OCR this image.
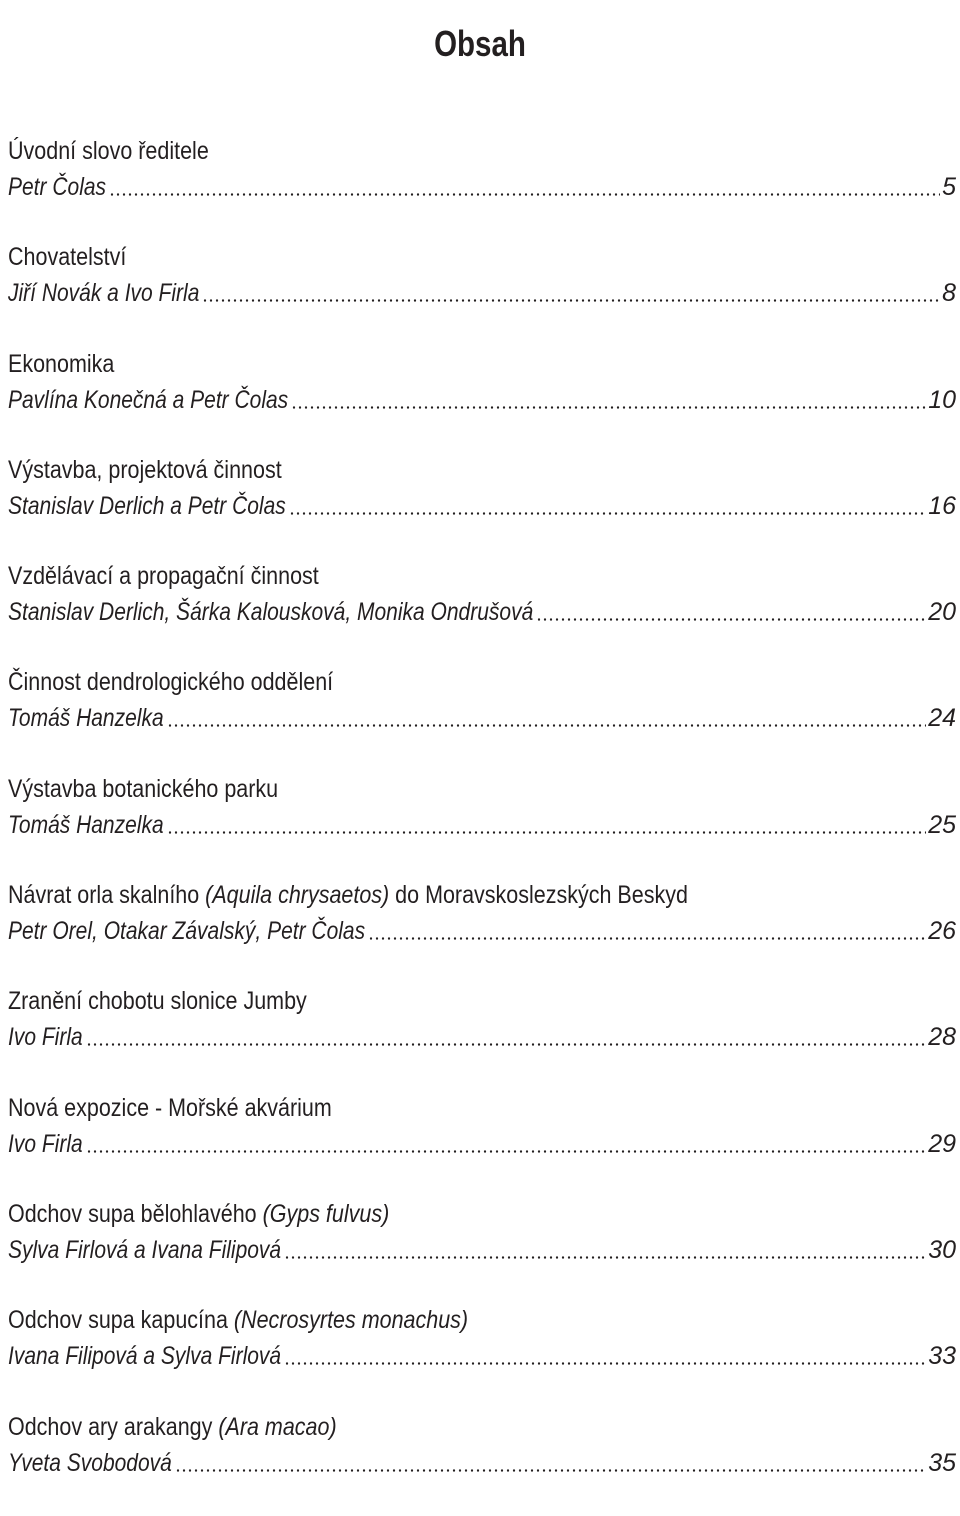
Obsah
Úvodní slovo ředitele
Petr Čolas	5
Chovatelství
Jiří Novák a Ivo Firla	8
Ekonomika
Pavlína Konečná a Petr Čolas	10
Výstavba, projektová činnost
Stanislav Derlich a Petr Čolas	16
Vzdělávací a propagační činnost
Stanislav Derlich, Šárka Kalousková, Monika Ondrušová	20
Činnost dendrologického oddělení
Tomáš Hanzelka	24
Výstavba botanického parku
Tomáš Hanzelka	25
Návrat orla skalního (Aquila chrysaetos) do Moravskoslezských Beskyd
Petr Orel, Otakar Závalský, Petr Čolas	26
Zranění chobotu slonice Jumby
Ivo Firla	28
Nová expozice - Mořské akvárium
Ivo Firla	29
Odchov supa bělohlavého (Gyps fulvus)
Sylva Firlová a Ivana Filipová	30
Odchov supa kapucína (Necrosyrtes monachus)
Ivana Filipová a Sylva Firlová	33
Odchov ary arakangy (Ara macao)
Yveta Svobodová	35
